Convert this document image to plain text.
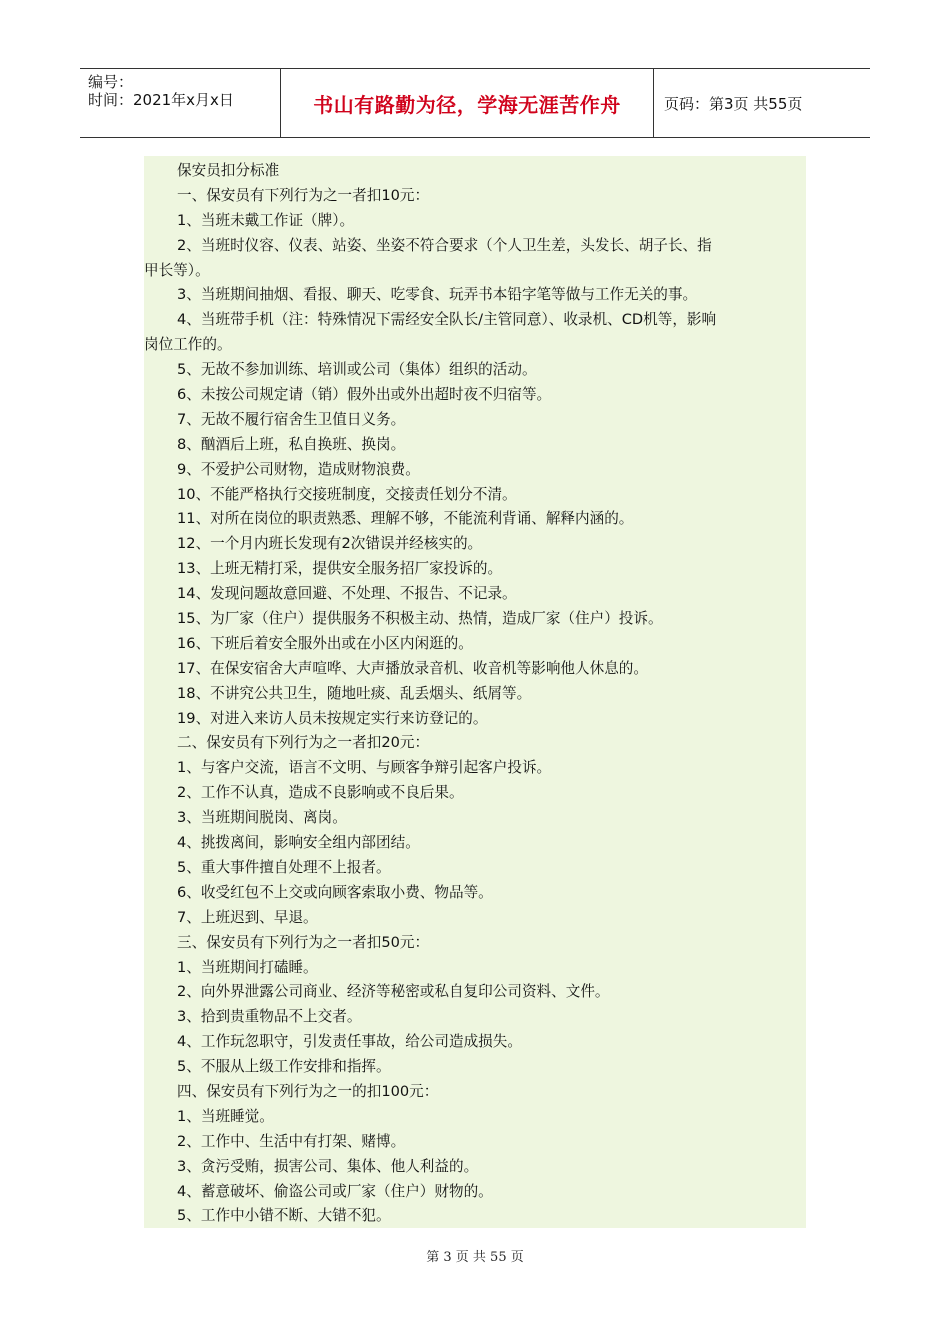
编号：
时间：2021年x月x日	书山有路勤为径，学海无涯苦作舟	页码：第3页 共55页
保安员扣分标准
一、保安员有下列行为之一者扣10元：
1、当班未戴工作证（牌）。
2、当班时仪容、仪表、站姿、坐姿不符合要求（个人卫生差，头发长、胡子长、指
甲长等）。
3、当班期间抽烟、看报、聊天、吃零食、玩弄书本铅字笔等做与工作无关的事。
4、当班带手机（注：特殊情况下需经安全队长/主管同意）、收录机、CD机等，影响
岗位工作的。
5、无故不参加训练、培训或公司（集体）组织的活动。
6、未按公司规定请（销）假外出或外出超时夜不归宿等。
7、无故不履行宿舍生卫值日义务。
8、酗酒后上班，私自换班、换岗。
9、不爱护公司财物，造成财物浪费。
10、不能严格执行交接班制度，交接责任划分不清。
11、对所在岗位的职责熟悉、理解不够，不能流利背诵、解释内涵的。
12、一个月内班长发现有2次错误并经核实的。
13、上班无精打采，提供安全服务招厂家投诉的。
14、发现问题故意回避、不处理、不报告、不记录。
15、为厂家（住户）提供服务不积极主动、热情，造成厂家（住户）投诉。
16、下班后着安全服外出或在小区内闲逛的。
17、在保安宿舍大声喧哗、大声播放录音机、收音机等影响他人休息的。
18、不讲究公共卫生，随地吐痰、乱丢烟头、纸屑等。
19、对进入来访人员未按规定实行来访登记的。
二、保安员有下列行为之一者扣20元：
1、与客户交流，语言不文明、与顾客争辩引起客户投诉。
2、工作不认真，造成不良影响或不良后果。
3、当班期间脱岗、离岗。
4、挑拨离间，影响安全组内部团结。
5、重大事件擅自处理不上报者。
6、收受红包不上交或向顾客索取小费、物品等。
7、上班迟到、早退。
三、保安员有下列行为之一者扣50元：
1、当班期间打磕睡。
2、向外界泄露公司商业、经济等秘密或私自复印公司资料、文件。
3、拾到贵重物品不上交者。
4、工作玩忽职守，引发责任事故，给公司造成损失。
5、不服从上级工作安排和指挥。
四、保安员有下列行为之一的扣100元：
1、当班睡觉。
2、工作中、生活中有打架、赌博。
3、贪污受贿，损害公司、集体、他人利益的。
4、蓄意破坏、偷盗公司或厂家（住户）财物的。
5、工作中小错不断、大错不犯。
第 3 页 共 55 页
